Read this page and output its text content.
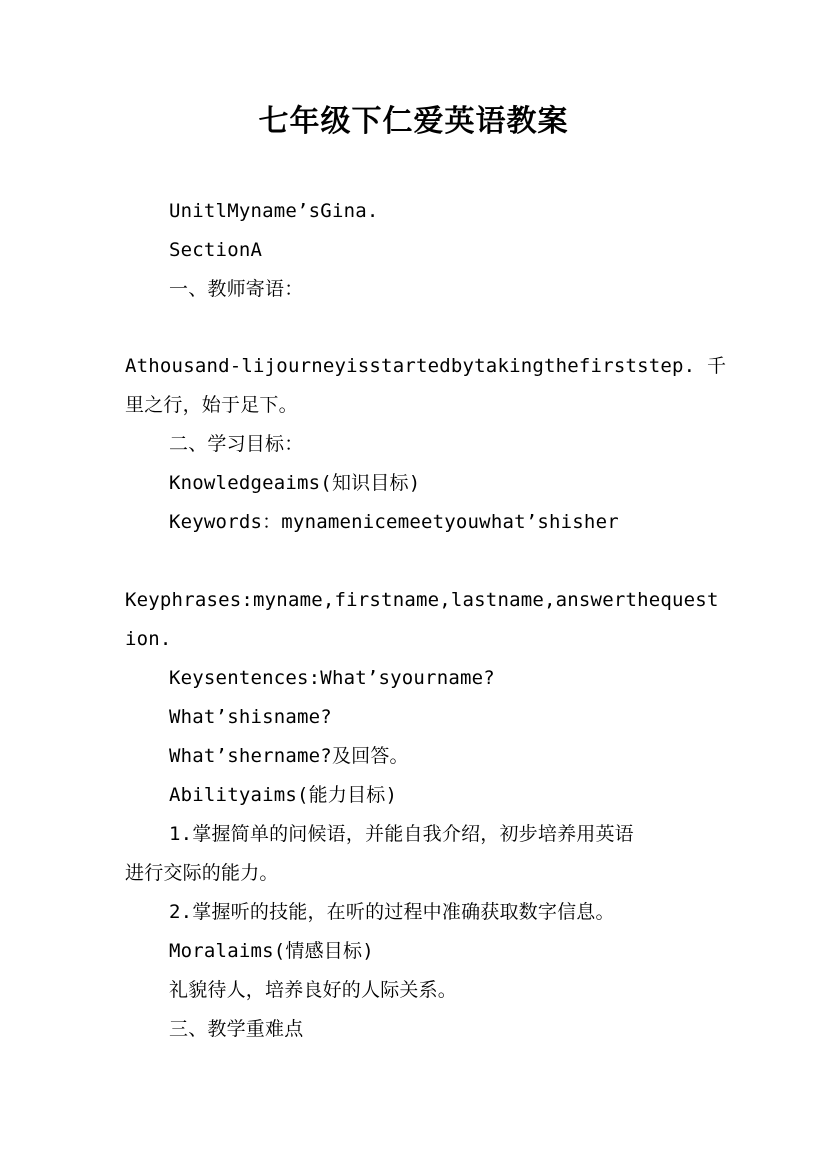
七年级下仁爱英语教案
UnitlMyname’sGina.
SectionA
一、教师寄语：
Athousand-lijourneyisstartedbytakingthefirststep. 千
里之行，始于足下。
二、学习目标：
Knowledgeaims(知识目标)
Keywords：mynamenicemeetyouwhat’shisher
Keyphrases:myname,firstname,lastname,answerthequest
ion.
Keysentences:What’syourname?
What’shisname?
What’shername?及回答。
Abilityaims(能力目标)
1.掌握简单的问候语，并能自我介绍，初步培养用英语
进行交际的能力。
2.掌握听的技能，在听的过程中准确获取数字信息。
Moralaims(情感目标)
礼貌待人，培养良好的人际关系。
三、教学重难点
